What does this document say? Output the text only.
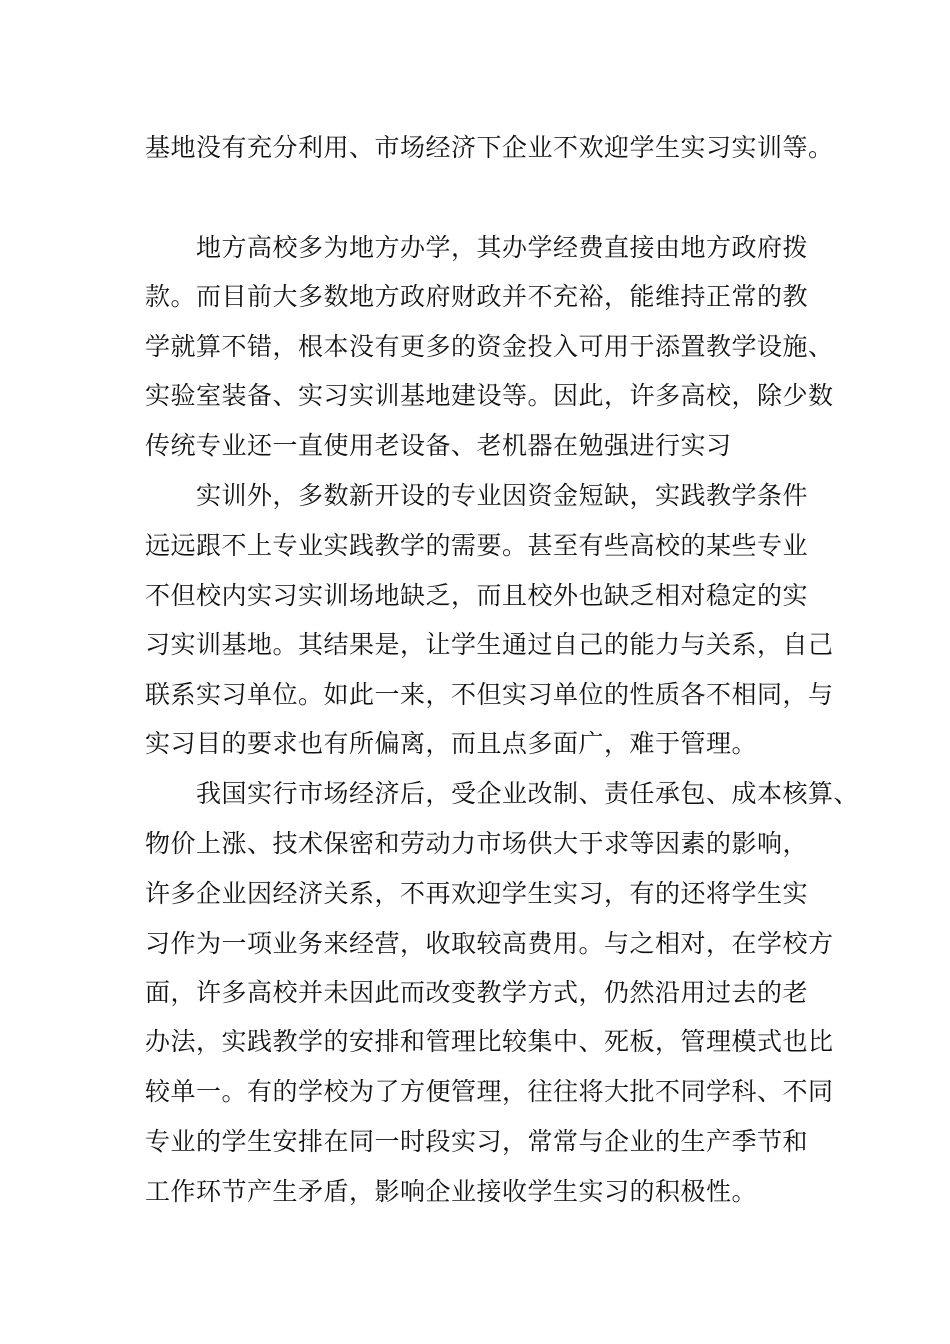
基地没有充分利用、市场经济下企业不欢迎学生实习实训等。
地方高校多为地方办学，其办学经费直接由地方政府拨
款。而目前大多数地方政府财政并不充裕，能维持正常的教
学就算不错，根本没有更多的资金投入可用于添置教学设施、
实验室装备、实习实训基地建设等。因此，许多高校，除少数
传统专业还一直使用老设备、老机器在勉强进行实习
实训外，多数新开设的专业因资金短缺，实践教学条件
远远跟不上专业实践教学的需要。甚至有些高校的某些专业
不但校内实习实训场地缺乏，而且校外也缺乏相对稳定的实
习实训基地。其结果是，让学生通过自己的能力与关系，自己
联系实习单位。如此一来，不但实习单位的性质各不相同，与
实习目的要求也有所偏离，而且点多面广，难于管理。
我国实行市场经济后，受企业改制、责任承包、成本核算、
物价上涨、技术保密和劳动力市场供大于求等因素的影响，
许多企业因经济关系，不再欢迎学生实习，有的还将学生实
习作为一项业务来经营，收取较高费用。与之相对，在学校方
面，许多高校并未因此而改变教学方式，仍然沿用过去的老
办法，实践教学的安排和管理比较集中、死板，管理模式也比
较单一。有的学校为了方便管理，往往将大批不同学科、不同
专业的学生安排在同一时段实习，常常与企业的生产季节和
工作环节产生矛盾，影响企业接收学生实习的积极性。
